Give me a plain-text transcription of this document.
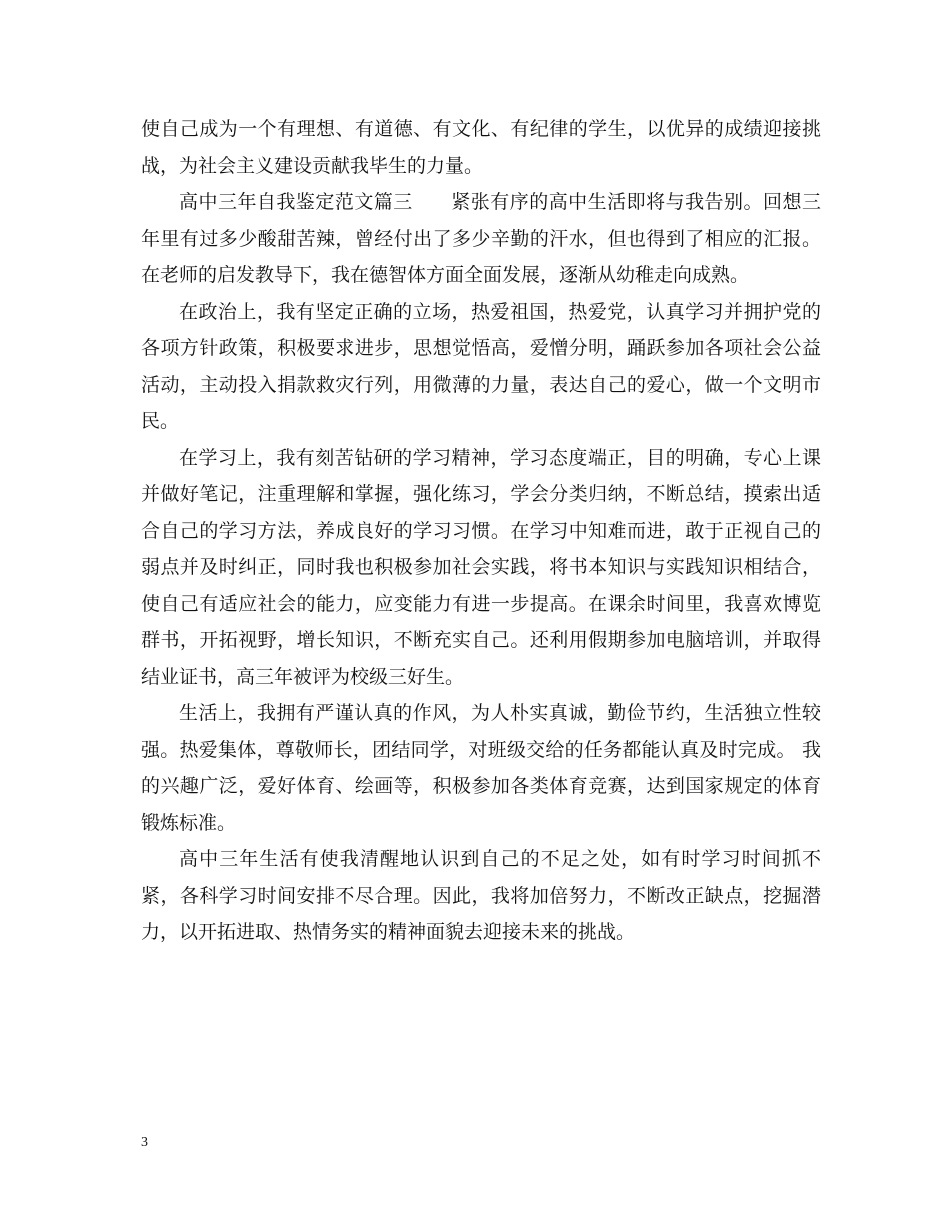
使自己成为一个有理想、有道德、有文化、有纪律的学生，以优异的成绩迎接挑战，为社会主义建设贡献我毕生的力量。

高中三年自我鉴定范文篇三 紧张有序的高中生活即将与我告别。回想三年里有过多少酸甜苦辣，曾经付出了多少辛勤的汗水，但也得到了相应的汇报。在老师的启发教导下，我在德智体方面全面发展，逐渐从幼稚走向成熟。

在政治上，我有坚定正确的立场，热爱祖国，热爱党，认真学习并拥护党的各项方针政策，积极要求进步，思想觉悟高，爱憎分明，踊跃参加各项社会公益活动，主动投入捐款救灾行列，用微薄的力量，表达自己的爱心，做一个文明市民。

在学习上，我有刻苦钻研的学习精神，学习态度端正，目的明确，专心上课并做好笔记，注重理解和掌握，强化练习，学会分类归纳，不断总结，摸索出适合自己的学习方法，养成良好的学习习惯。在学习中知难而进，敢于正视自己的弱点并及时纠正，同时我也积极参加社会实践，将书本知识与实践知识相结合，使自己有适应社会的能力，应变能力有进一步提高。在课余时间里，我喜欢博览群书，开拓视野，增长知识，不断充实自己。还利用假期参加电脑培训，并取得结业证书，高三年被评为校级三好生。

生活上，我拥有严谨认真的作风，为人朴实真诚，勤俭节约，生活独立性较强。热爱集体，尊敬师长，团结同学，对班级交给的任务都能认真及时完成。 我的兴趣广泛，爱好体育、绘画等，积极参加各类体育竞赛，达到国家规定的体育锻炼标准。

高中三年生活有使我清醒地认识到自己的不足之处，如有时学习时间抓不紧，各科学习时间安排不尽合理。因此，我将加倍努力，不断改正缺点，挖掘潜力，以开拓进取、热情务实的精神面貌去迎接未来的挑战。

3
